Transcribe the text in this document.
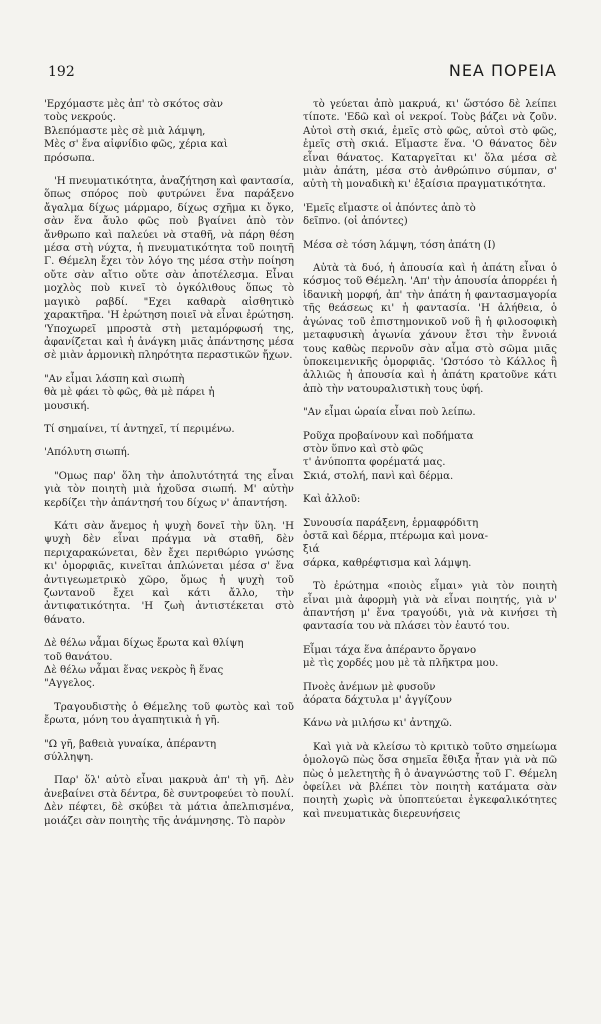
192	ΝΕΑ ΠΟΡΕΙΑ

'Ερχόμαστε μὲς ἀπ' τὸ σκότος σὰν
τοὺς νεκρούς.
Βλεπόμαστε μὲς σὲ μιὰ λάμψη,
Μὲς σ' ἕνα αἰφνίδιο φῶς, χέρια καὶ
πρόσωπα.

'Η πνευματικότητα, ἀναζήτηση καὶ φαντασία, ὅπως σπόρος ποὺ φυτρώνει ἕνα παράξενο ἄγαλμα δίχως μάρμαρο, δίχως σχῆμα κι ὄγκο, σὰν ἕνα ἄυλο φῶς ποὺ βγαίνει ἀπὸ τὸν ἄνθρωπο καὶ παλεύει νὰ σταθῆ, νὰ πάρη θέση μέσα στὴ νύχτα, ἡ πνευματικότητα τοῦ ποιητῆ Γ. Θέμελη ἔχει τὸν λόγο της μέσα στὴν ποίηση οὔτε σὰν αἴτιο οὔτε σὰν ἀποτέλεσμα. Εἶναι μοχλὸς ποὺ κινεῖ τὸ ὀγκόλιθους ὅπως τὸ μαγικὸ ραβδί. "Εχει καθαρὰ αἰσθητικὸ χαρακτῆρα. 'Η ἐρώτηση ποιεῖ νὰ εἶναι ἐρώτηση. 'Υποχωρεῖ μπροστὰ στὴ μεταμόρφωσή της, ἀφανίζεται καὶ ἡ ἀνάγκη μιᾶς ἀπάντησης μέσα σὲ μιὰν ἁρμονικὴ πληρότητα περαστικῶν ἤχων.

"Αν εἶμαι λάσπη καὶ σιωπὴ
θὰ μὲ φάει τὸ φῶς, θὰ μὲ πάρει ἡ
μουσική.

Τί σημαίνει, τί ἀντηχεῖ, τί περιμένω.

'Απόλυτη σιωπή.

"Ομως παρ' ὅλη τὴν ἀπολυτότητά της εἶναι γιὰ τὸν ποιητὴ μιὰ ἠχοῦσα σιωπή. Μ' αὐτὴν κερδίζει τὴν ἀπάντησή του δίχως ν' ἀπαντήση.

Κάτι σὰν ἄνεμος ἡ ψυχὴ δονεῖ τὴν ὕλη. 'Η ψυχὴ δὲν εἶναι πράγμα νὰ σταθῆ, δὲν περιχαρακώνεται, δὲν ἔχει περιθώριο γνώσης κι' ὁμορφιᾶς, κινεῖται ἁπλώνεται μέσα σ' ἕνα ἀντιγεωμετρικὸ χῶρο, ὅμως ἡ ψυχὴ τοῦ ζωντανοῦ ἔχει καὶ κάτι ἄλλο, τὴν ἀντιφατικότητα. 'Η ζωὴ ἀντιστέκεται στὸ θάνατο.

Δὲ θέλω νἆμαι δίχως ἔρωτα καὶ θλίψη
τοῦ θανάτου.
Δὲ θέλω νἆμαι ἕνας νεκρὸς ἢ ἕνας
"Αγγελος.

Τραγουδιστὴς ὁ Θέμελης τοῦ φωτὸς καὶ τοῦ ἔρωτα, μόνη του ἀγαπητικιὰ ἡ γῆ.

"Ω γῆ, βαθειὰ γυναίκα, ἀπέραντη
σύλληψη.

Παρ' ὅλ' αὐτὸ εἶναι μακρυὰ ἀπ' τὴ γῆ. Δὲν ἀνεβαίνει στὰ δέντρα, δὲ συντροφεύει τὸ πουλί. Δὲν πέφτει, δὲ σκύβει τὰ μάτια ἀπελπισμένα, μοιάζει σὰν ποιητὴς τῆς ἀνάμνησης. Τὸ παρὸν

τὸ γεύεται ἀπὸ μακρυά, κι' ὥστόσο δὲ λείπει τίποτε. 'Εδῶ καὶ οἱ νεκροί. Τοὺς βάζει νὰ ζοῦν. Αὐτοὶ στὴ σκιά, ἐμεῖς στὸ φῶς, αὐτοὶ στὸ φῶς, ἐμεῖς στὴ σκιά. Εἴμαστε ἕνα. 'Ο θάνατος δὲν εἶναι θάνατος. Καταργεῖται κι' ὅλα μέσα σὲ μιὰν ἀπάτη, μέσα στὸ ἀνθρώπινο σύμπαν, σ' αὐτὴ τὴ μοναδικὴ κι' ἐξαίσια πραγματικότητα.

'Εμεῖς εἴμαστε οἱ ἀπόντες ἀπὸ τὸ
δεῖπνο. (οἱ ἀπόντες)

Μέσα σὲ τόση λάμψη, τόση ἀπάτη (Ι)

Αὐτὰ τὰ δυό, ἡ ἀπουσία καὶ ἡ ἀπάτη εἶναι ὁ κόσμος τοῦ Θέμελη. 'Απ' τὴν ἀπουσία ἀπορρέει ἡ ἰδανικὴ μορφή, ἀπ' τὴν ἀπάτη ἡ φαντασμαγορία τῆς θεάσεως κι' ἡ φαντασία. 'Η ἀλήθεια, ὁ ἀγώνας τοῦ ἐπιστημονικοῦ νοῦ ἢ ἡ φιλοσοφικὴ μεταφυσικὴ ἀγωνία χάνουν ἔτσι τὴν ἔννοιά τους καθὼς περνοῦν σὰν αἷμα στὸ σῶμα μιᾶς ὑποκειμενικῆς ὁμορφιᾶς. 'Ωστόσο τὸ Κάλλος ἢ ἀλλιῶς ἡ ἀπουσία καὶ ἡ ἀπάτη κρατοῦνε κάτι ἀπὸ τὴν νατουραλιστικὴ τους ὑφή.

"Αν εἶμαι ὡραία εἶναι ποὺ λείπω.

Ροῦχα προβαίνουν καὶ ποδήματα
στὸν ὕπνο καὶ στὸ φῶς
τ' ἀνύποπτα φορέματά μας.
Σκιά, στολή, πανὶ καὶ δέρμα.

Καὶ ἀλλοῦ:

Συνουσία παράξενη, ἑρμαφρόδιτη
ὀστᾶ καὶ δέρμα, πτέρωμα καὶ μονα-
ξιά
σάρκα, καθρέφτισμα καὶ λάμψη.

Τὸ ἐρώτημα «ποιὸς εἶμαι» γιὰ τὸν ποιητὴ εἶναι μιὰ ἀφορμὴ γιὰ νὰ εἶναι ποιητής, γιὰ ν' ἀπαντήση μ' ἕνα τραγούδι, γιὰ νὰ κινήσει τὴ φαντασία του νὰ πλάσει τὸν ἑαυτό του.

Εἶμαι τάχα ἕνα ἀπέραντο ὄργανο
μὲ τὶς χορδές μου μὲ τὰ πλῆκτρα μου.

Πνοὲς ἀνέμων μὲ φυσοῦν
ἀόρατα δάχτυλα μ' ἀγγίζουν

Κάνω νὰ μιλήσω κι' ἀντηχῶ.

Καὶ γιὰ νὰ κλείσω τὸ κριτικὸ τοῦτο σημείωμα ὁμολογῶ πὼς ὅσα σημεῖα ἔθιξα ἦταν γιὰ νὰ πῶ πὼς ὁ μελετητὴς ἢ ὁ ἀναγνώστης τοῦ Γ. Θέμελη ὀφείλει νὰ βλέπει τὸν ποιητὴ κατάματα σὰν ποιητὴ χωρὶς νὰ ὑποπτεύεται ἐγκεφαλικότητες καὶ πνευματικὰς διερευνήσεις
